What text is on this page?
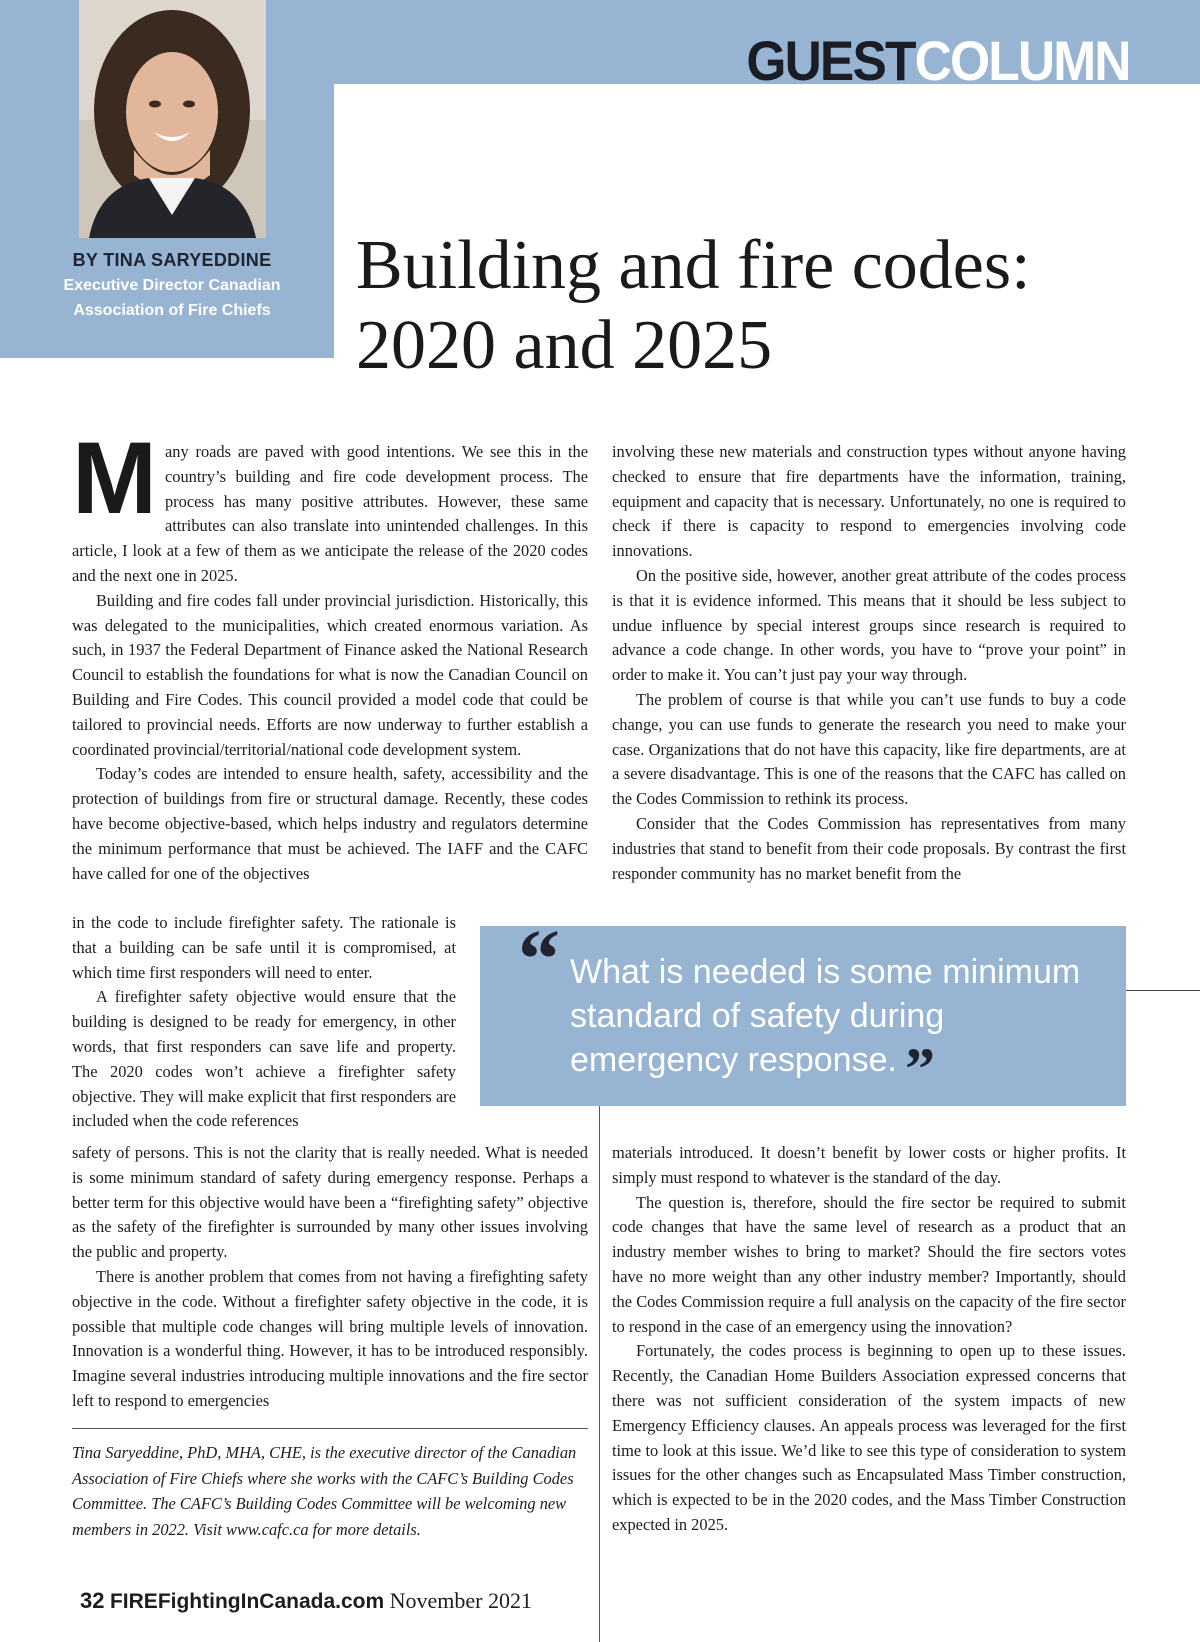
BY TINA SARYEDDINE
Executive Director Canadian Association of Fire Chiefs
GUESTCOLUMN
Building and fire codes:
2020 and 2025

Many roads are paved with good intentions. We see this in the country’s building and fire code development process. The process has many positive attributes. However, these same attributes can also translate into unintended challenges. In this article, I look at a few of them as we anticipate the release of the 2020 codes and the next one in 2025.

Building and fire codes fall under provincial jurisdiction. Historically, this was delegated to the municipalities, which created enormous variation. As such, in 1937 the Federal Department of Finance asked the National Research Council to establish the foundations for what is now the Canadian Council on Building and Fire Codes. This council provided a model code that could be tailored to provincial needs. Efforts are now underway to further establish a coordinated provincial/territorial/national code development system.

Today’s codes are intended to ensure health, safety, accessibility and the protection of buildings from fire or structural damage. Recently, these codes have become objective-based, which helps industry and regulators determine the minimum performance that must be achieved. The IAFF and the CAFC have called for one of the objectives

in the code to include firefighter safety. The rationale is that a building can be safe until it is compromised, at which time first responders will need to enter.

A firefighter safety objective would ensure that the building is designed to be ready for emergency, in other words, that first responders can save life and property. The 2020 codes won’t achieve a firefighter safety objective. They will make explicit that first responders are included when the code references

safety of persons. This is not the clarity that is really needed. What is needed is some minimum standard of safety during emergency response. Perhaps a better term for this objective would have been a “firefighting safety” objective as the safety of the firefighter is surrounded by many other issues involving the public and property.

There is another problem that comes from not having a firefighting safety objective in the code. Without a firefighter safety objective in the code, it is possible that multiple code changes will bring multiple levels of innovation. Innovation is a wonderful thing. However, it has to be introduced responsibly. Imagine several industries introducing multiple innovations and the fire sector left to respond to emergencies

involving these new materials and construction types without anyone having checked to ensure that fire departments have the information, training, equipment and capacity that is necessary. Unfortunately, no one is required to check if there is capacity to respond to emergencies involving code innovations.

On the positive side, however, another great attribute of the codes process is that it is evidence informed. This means that it should be less subject to undue influence by special interest groups since research is required to advance a code change. In other words, you have to “prove your point” in order to make it. You can’t just pay your way through.

The problem of course is that while you can’t use funds to buy a code change, you can use funds to generate the research you need to make your case. Organizations that do not have this capacity, like fire departments, are at a severe disadvantage. This is one of the reasons that the CAFC has called on the Codes Commission to rethink its process.

Consider that the Codes Commission has representatives from many industries that stand to benefit from their code proposals. By contrast the first responder community has no market benefit from the

materials introduced. It doesn’t benefit by lower costs or higher profits. It simply must respond to whatever is the standard of the day.

The question is, therefore, should the fire sector be required to submit code changes that have the same level of research as a product that an industry member wishes to bring to market? Should the fire sectors votes have no more weight than any other industry member? Importantly, should the Codes Commission require a full analysis on the capacity of the fire sector to respond in the case of an emergency using the innovation?

Fortunately, the codes process is beginning to open up to these issues. Recently, the Canadian Home Builders Association expressed concerns that there was not sufficient consideration of the system impacts of new Emergency Efficiency clauses. An appeals process was leveraged for the first time to look at this issue. We’d like to see this type of consideration to system issues for the other changes such as Encapsulated Mass Timber construction, which is expected to be in the 2020 codes, and the Mass Timber Construction expected in 2025.

“ What is needed is some minimum standard of safety during emergency response. ”
Tina Saryeddine, PhD, MHA, CHE, is the executive director of the Canadian Association of Fire Chiefs where she works with the CAFC’s Building Codes Committee. The CAFC’s Building Codes Committee will be welcoming new members in 2022. Visit www.cafc.ca for more details.
32 FIREFightingInCanada.com November 2021
